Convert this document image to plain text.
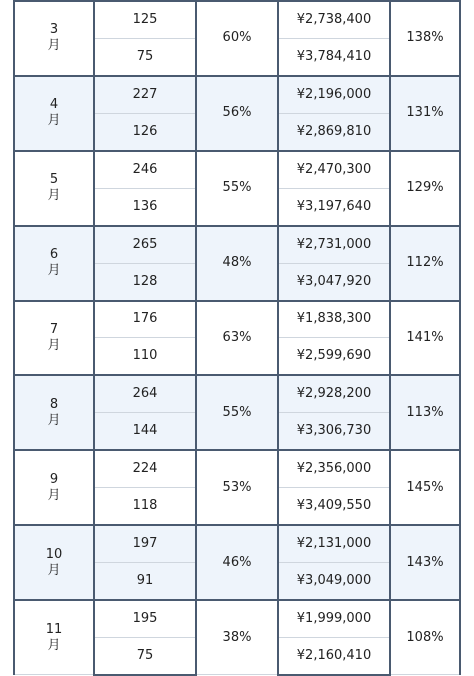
3
月	125	60%	¥2,738,400	138%
	75		¥3,784,410	

4
月	227	56%	¥2,196,000	131%
	126		¥2,869,810	

5
月	246	55%	¥2,470,300	129%
	136		¥3,197,640	

6
月	265	48%	¥2,731,000	112%
	128		¥3,047,920	

7
月	176	63%	¥1,838,300	141%
	110		¥2,599,690	

8
月	264	55%	¥2,928,200	113%
	144		¥3,306,730	

9
月	224	53%	¥2,356,000	145%
	118		¥3,409,550	

10
月	197	46%	¥2,131,000	143%
	91		¥3,049,000	

11
月	195	38%	¥1,999,000	108%
	75		¥2,160,410	
